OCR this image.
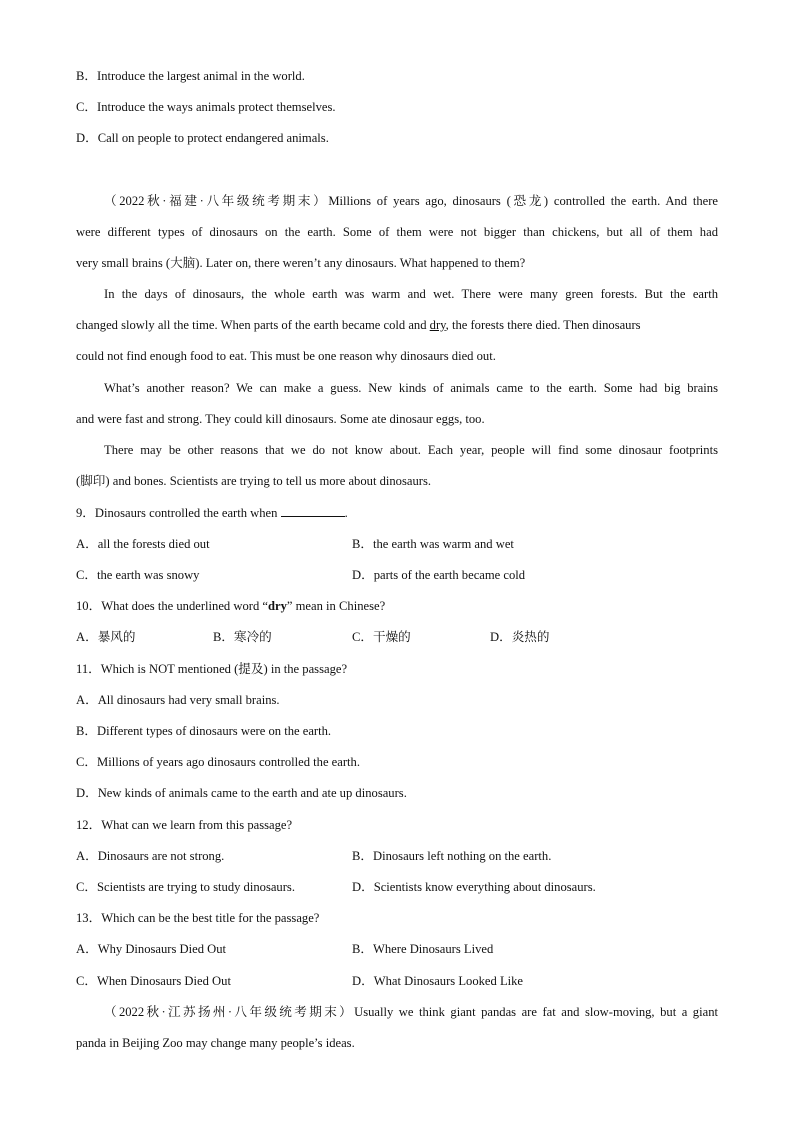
B．Introduce the largest animal in the world.
C．Introduce the ways animals protect themselves.
D．Call on people to protect endangered animals.
（2022秋·福建·八年级统考期末）Millions of years ago, dinosaurs (恐龙) controlled the earth. And there
were different types of dinosaurs on the earth. Some of them were not bigger than chickens, but all of them had
very small brains (大脑). Later on, there weren’t any dinosaurs. What happened to them?
In the days of dinosaurs, the whole earth was warm and wet. There were many green forests. But the earth
changed slowly all the time. When parts of the earth became cold and dry, the forests there died. Then dinosaurs
could not find enough food to eat. This must be one reason why dinosaurs died out.
What’s another reason? We can make a guess. New kinds of animals came to the earth. Some had big brains
and were fast and strong. They could kill dinosaurs. Some ate dinosaur eggs, too.
There may be other reasons that we do not know about. Each year, people will find some dinosaur footprints
(脚印) and bones. Scientists are trying to tell us more about dinosaurs.
9．Dinosaurs controlled the earth when	.
A．all the forests died out	B．the earth was warm and wet
C．the earth was snowy	D．parts of the earth became cold
10．What does the underlined word “dry” mean in Chinese?
A．暴风的	B．寒冷的	C．干燥的	D．炎热的
11．Which is NOT mentioned (提及) in the passage?
A．All dinosaurs had very small brains.
B．Different types of dinosaurs were on the earth.
C．Millions of years ago dinosaurs controlled the earth.
D．New kinds of animals came to the earth and ate up dinosaurs.
12．What can we learn from this passage?
A．Dinosaurs are not strong.	B．Dinosaurs left nothing on the earth.
C．Scientists are trying to study dinosaurs.	D．Scientists know everything about dinosaurs.
13．Which can be the best title for the passage?
A．Why Dinosaurs Died Out	B．Where Dinosaurs Lived
C．When Dinosaurs Died Out	D．What Dinosaurs Looked Like
（2022秋·江苏扬州·八年级统考期末）Usually we think giant pandas are fat and slow-moving, but a giant
panda in Beijing Zoo may change many people’s ideas.
